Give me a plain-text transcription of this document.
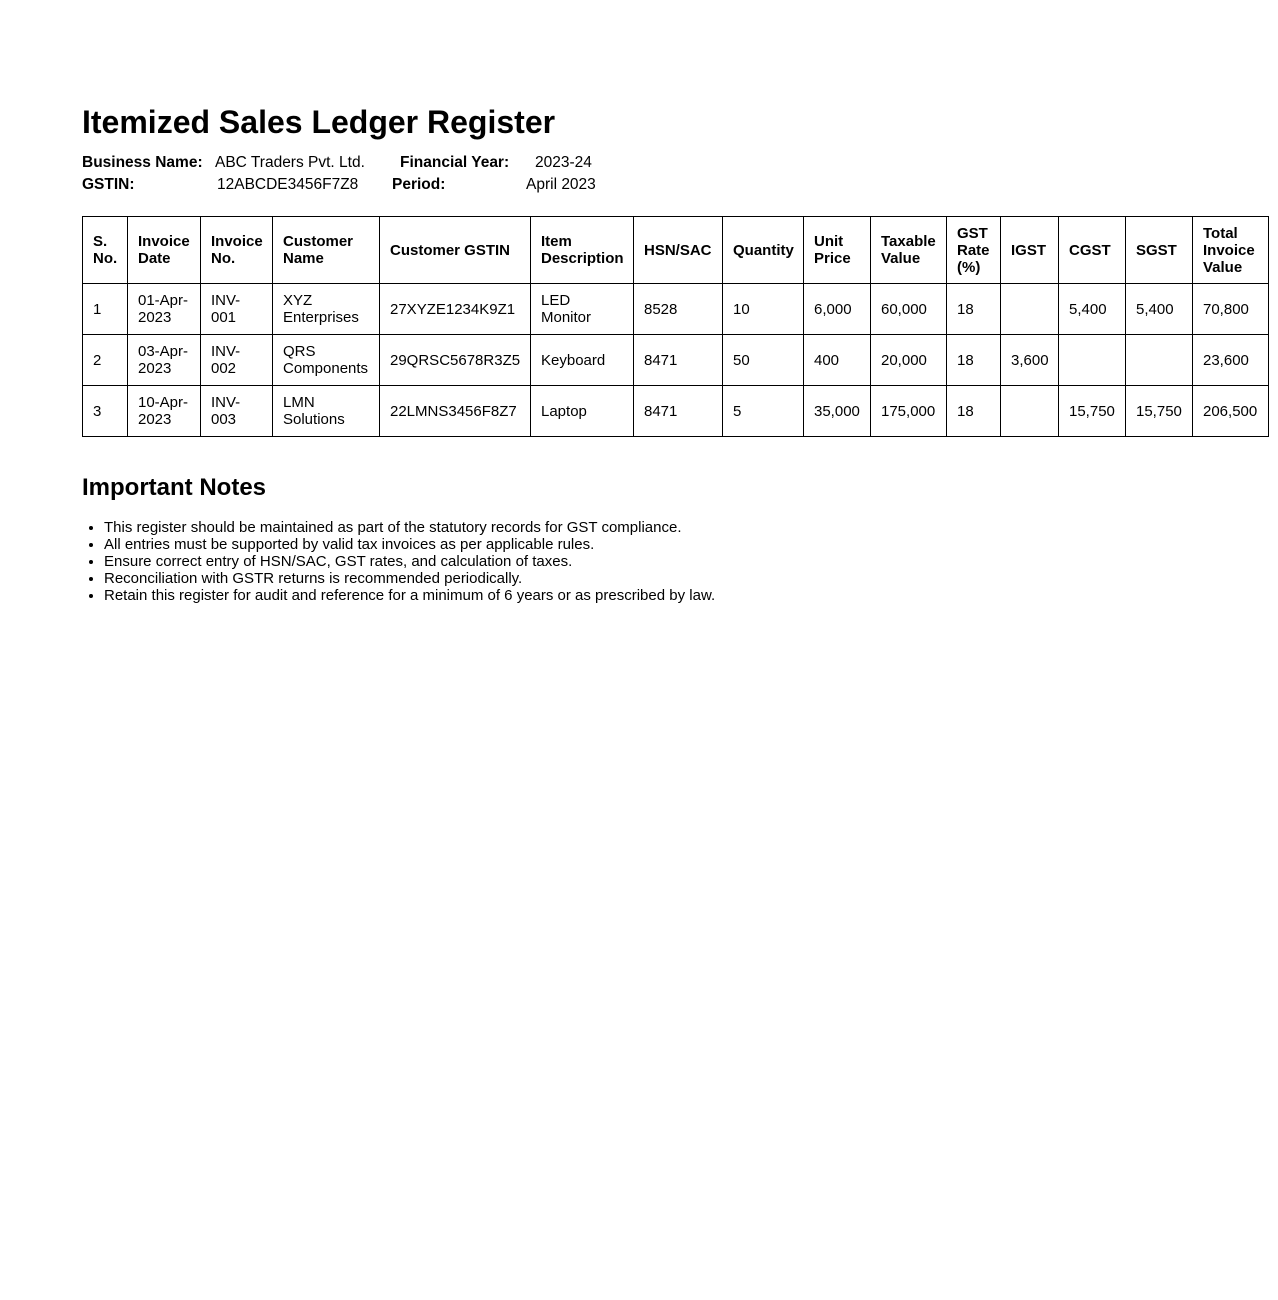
Itemized Sales Ledger Register
Business Name: ABC Traders Pvt. Ltd. Financial Year: 2023-24
GSTIN:	12ABCDE3456F7Z8 Period:	April 2023
S. No.	Invoice Date	Invoice No.	Customer Name	Customer GSTIN	Item Description	HSN/SAC	Quantity	Unit Price	Taxable Value	GST Rate (%)	IGST	CGST	SGST	Total Invoice Value
1	01-Apr-2023	INV-001	XYZ Enterprises	27XYZE1234K9Z1	LED Monitor	8528	10	6,000	60,000	18		5,400	5,400	70,800
2	03-Apr-2023	INV-002	QRS Components	29QRSC5678R3Z5	Keyboard	8471	50	400	20,000	18	3,600			23,600
3	10-Apr-2023	INV-003	LMN Solutions	22LMNS3456F8Z7	Laptop	8471	5	35,000	175,000	18		15,750	15,750	206,500
Important Notes
• This register should be maintained as part of the statutory records for GST compliance.
• All entries must be supported by valid tax invoices as per applicable rules.
• Ensure correct entry of HSN/SAC, GST rates, and calculation of taxes.
• Reconciliation with GSTR returns is recommended periodically.
• Retain this register for audit and reference for a minimum of 6 years or as prescribed by law.
